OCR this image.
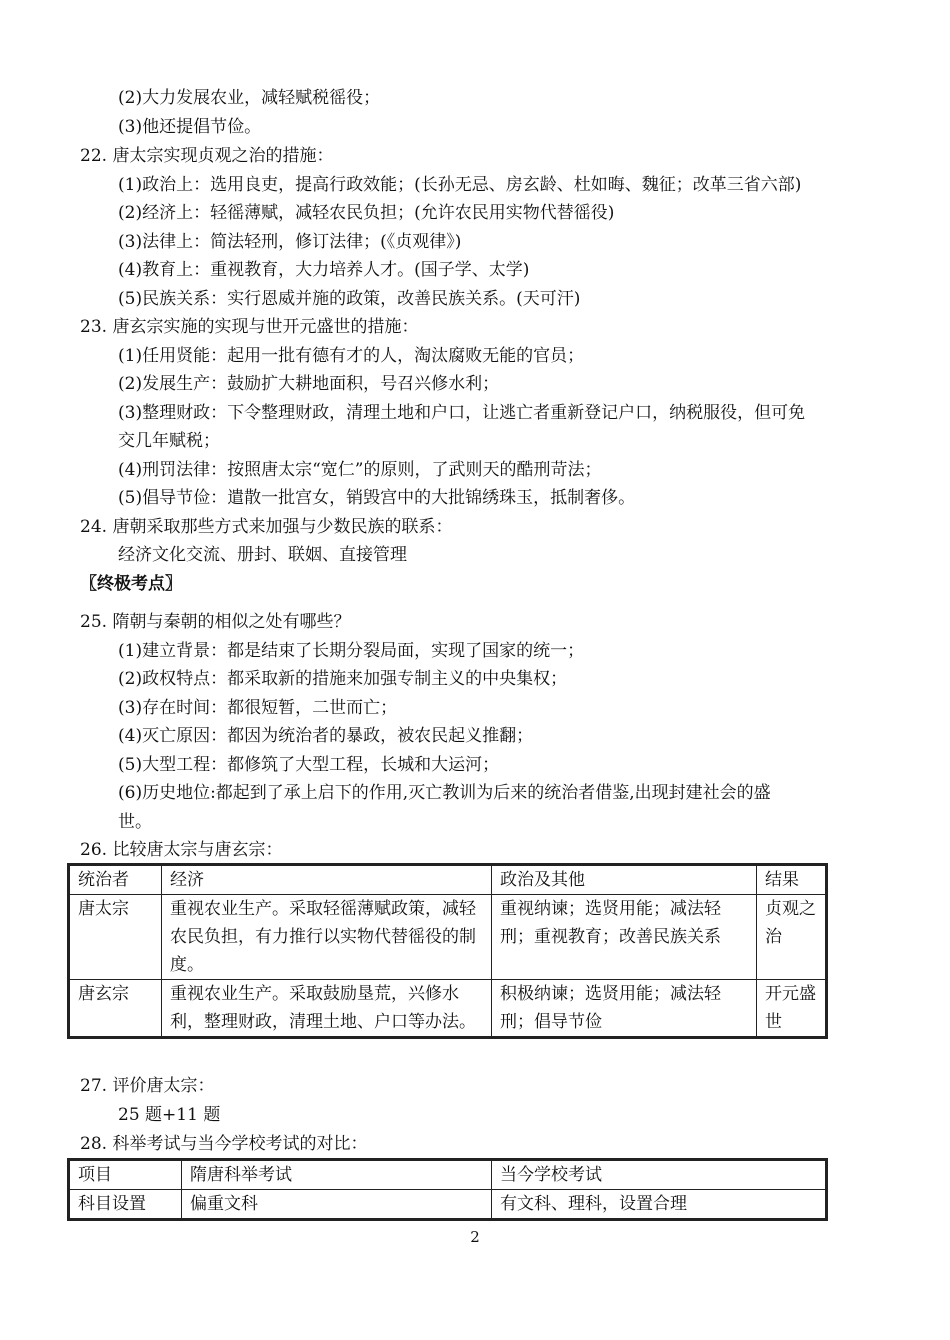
(2)大力发展农业，减轻赋税徭役；
(3)他还提倡节俭。
22. 唐太宗实现贞观之治的措施：
(1)政治上：选用良吏，提高行政效能；(长孙无忌、房玄龄、杜如晦、魏征；改革三省六部)
(2)经济上：轻徭薄赋，减轻农民负担；(允许农民用实物代替徭役)
(3)法律上：简法轻刑，修订法律；(《贞观律》)
(4)教育上：重视教育，大力培养人才。(国子学、太学)
(5)民族关系：实行恩威并施的政策，改善民族关系。(天可汗)
23. 唐玄宗实施的实现与世开元盛世的措施：
(1)任用贤能：起用一批有德有才的人，淘汰腐败无能的官员；
(2)发展生产：鼓励扩大耕地面积，号召兴修水利；
(3)整理财政：下令整理财政，清理土地和户口，让逃亡者重新登记户口，纳税服役，但可免
交几年赋税；
(4)刑罚法律：按照唐太宗“宽仁”的原则，了武则天的酷刑苛法；
(5)倡导节俭：遣散一批宫女，销毁宫中的大批锦绣珠玉，抵制奢侈。
24. 唐朝采取那些方式来加强与少数民族的联系：
经济文化交流、册封、联姻、直接管理
〖终极考点〗
25. 隋朝与秦朝的相似之处有哪些？
(1)建立背景：都是结束了长期分裂局面，实现了国家的统一；
(2)政权特点：都采取新的措施来加强专制主义的中央集权；
(3)存在时间：都很短暂，二世而亡；
(4)灭亡原因：都因为统治者的暴政，被农民起义推翻；
(5)大型工程：都修筑了大型工程，长城和大运河；
(6)历史地位:都起到了承上启下的作用,灭亡教训为后来的统治者借鉴,出现封建社会的盛
世。
26. 比较唐太宗与唐玄宗：
统治者	经济	政治及其他	结果
唐太宗	重视农业生产。采取轻徭薄赋政策，减轻农民负担，有力推行以实物代替徭役的制度。	重视纳谏；选贤用能；减法轻刑；重视教育；改善民族关系	贞观之治
唐玄宗	重视农业生产。采取鼓励垦荒，兴修水利，整理财政，清理土地、户口等办法。	积极纳谏；选贤用能；减法轻刑；倡导节俭	开元盛世
27. 评价唐太宗：
25 题+11 题
28. 科举考试与当今学校考试的对比：
项目	隋唐科举考试	当今学校考试
科目设置	偏重文科	有文科、理科，设置合理
2
